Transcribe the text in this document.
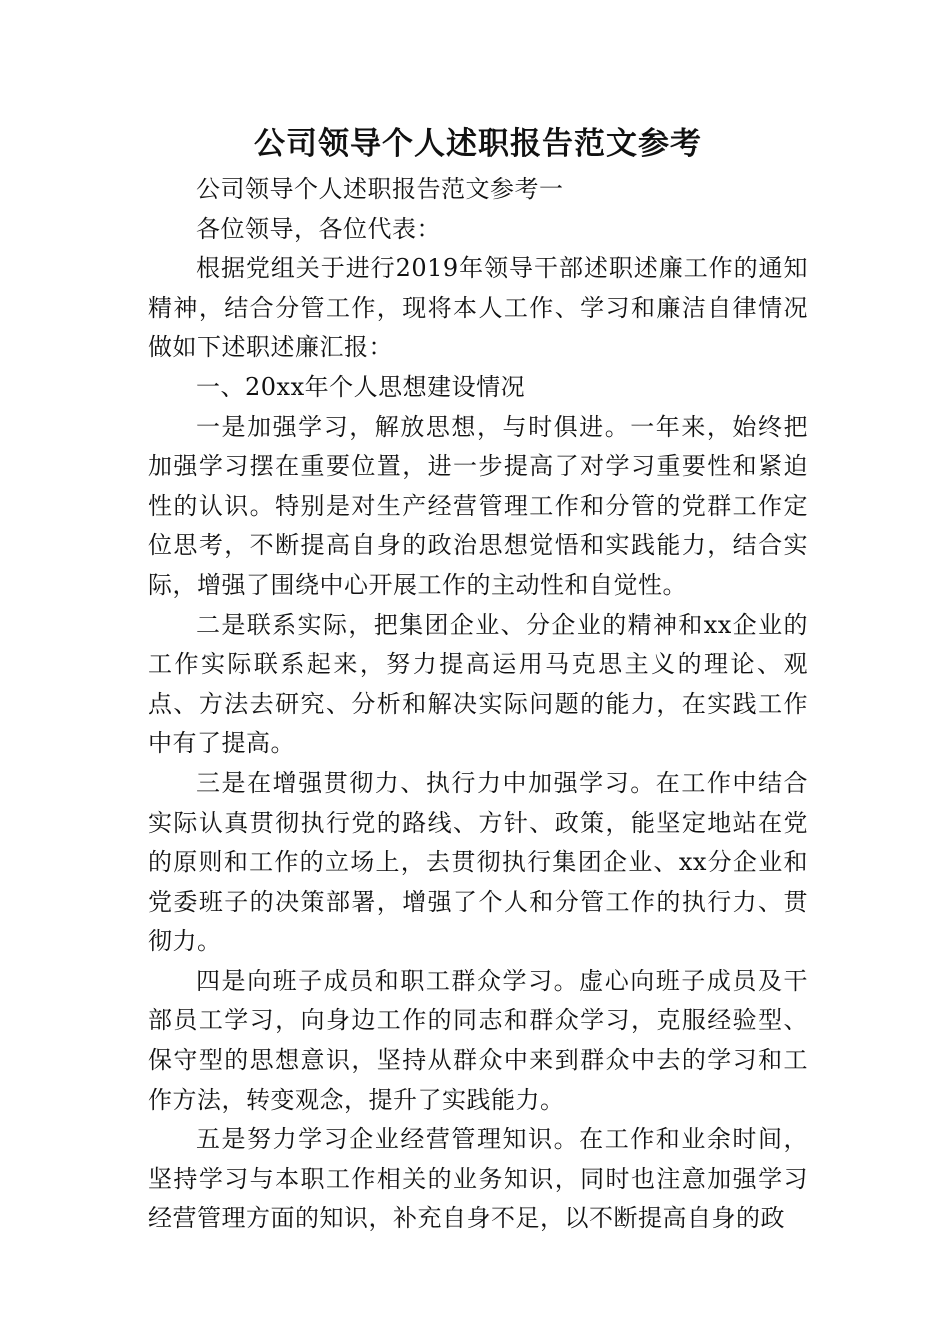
公司领导个人述职报告范文参考

公司领导个人述职报告范文参考一

各位领导，各位代表：

根据党组关于进行2019年领导干部述职述廉工作的通知精神，结合分管工作，现将本人工作、学习和廉洁自律情况做如下述职述廉汇报：

一、20xx年个人思想建设情况

一是加强学习，解放思想，与时俱进。一年来，始终把加强学习摆在重要位置，进一步提高了对学习重要性和紧迫性的认识。特别是对生产经营管理工作和分管的党群工作定位思考，不断提高自身的政治思想觉悟和实践能力，结合实际，增强了围绕中心开展工作的主动性和自觉性。

二是联系实际，把集团企业、分企业的精神和xx企业的工作实际联系起来，努力提高运用马克思主义的理论、观点、方法去研究、分析和解决实际问题的能力，在实践工作中有了提高。

三是在增强贯彻力、执行力中加强学习。在工作中结合实际认真贯彻执行党的路线、方针、政策，能坚定地站在党的原则和工作的立场上，去贯彻执行集团企业、xx分企业和党委班子的决策部署，增强了个人和分管工作的执行力、贯彻力。

四是向班子成员和职工群众学习。虚心向班子成员及干部员工学习，向身边工作的同志和群众学习，克服经验型、保守型的思想意识，坚持从群众中来到群众中去的学习和工作方法，转变观念，提升了实践能力。

五是努力学习企业经营管理知识。在工作和业余时间，坚持学习与本职工作相关的业务知识，同时也注意加强学习经营管理方面的知识，补充自身不足，以不断提高自身的政
